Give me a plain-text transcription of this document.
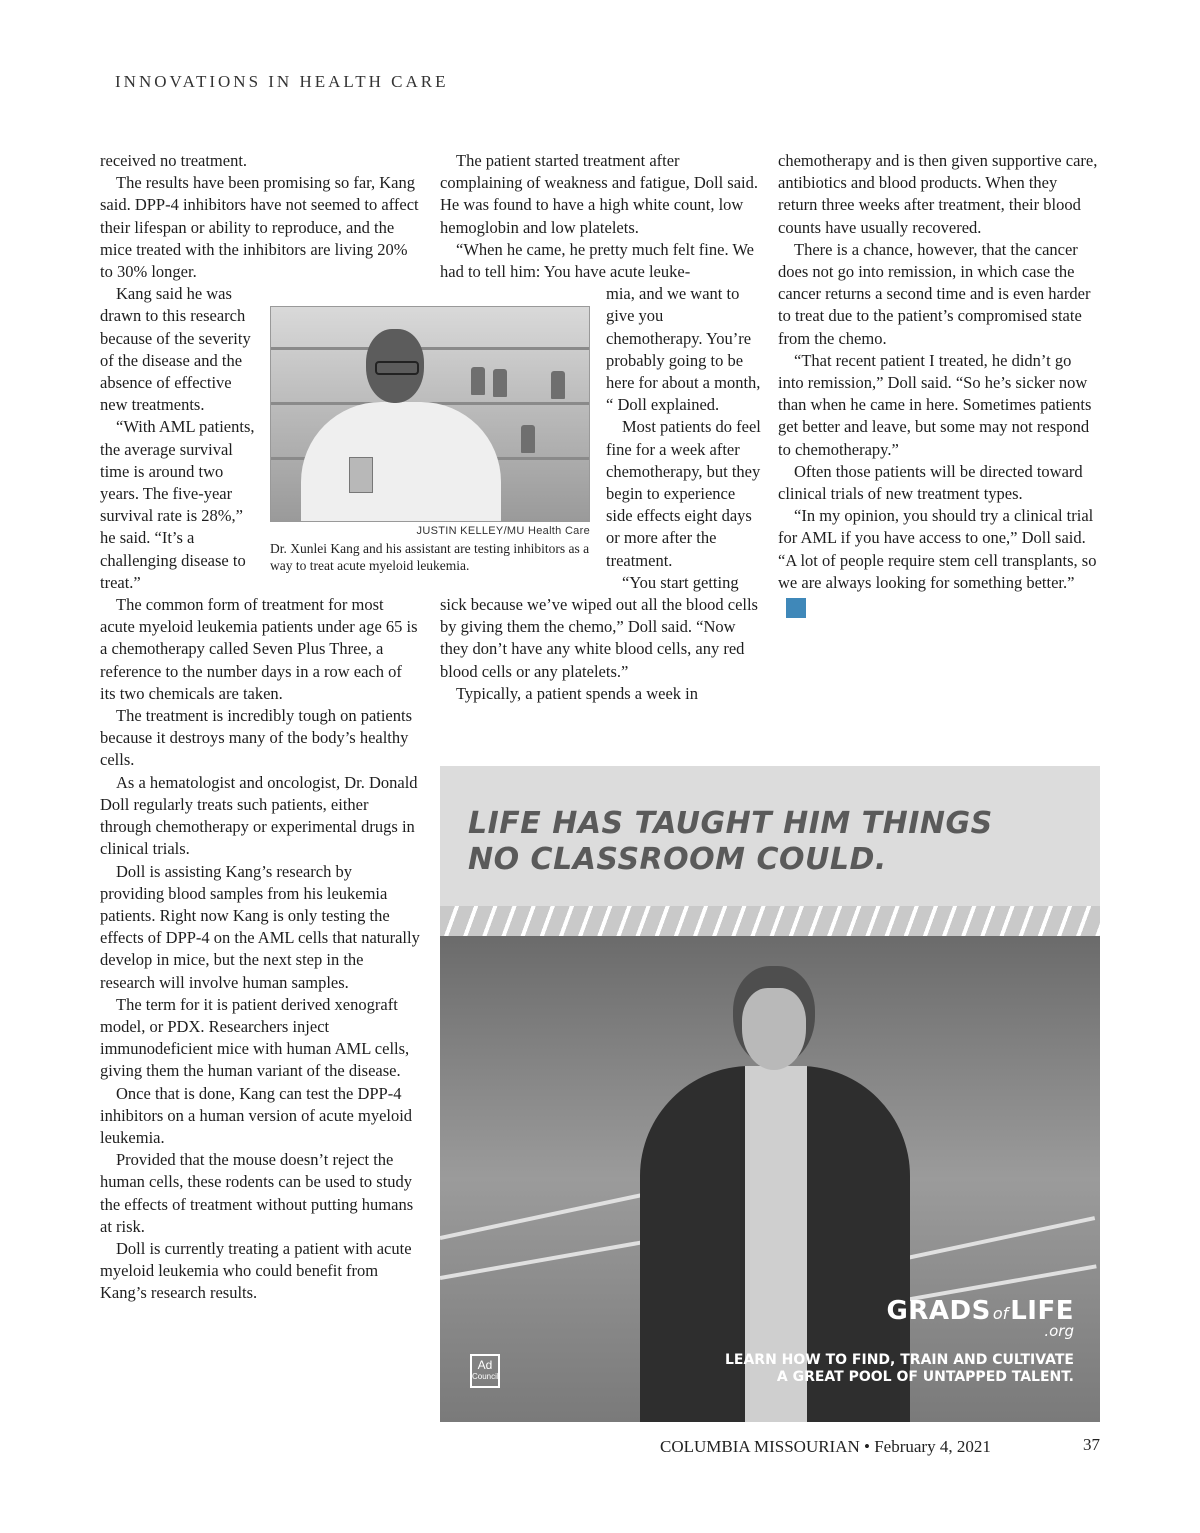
INNOVATIONS IN HEALTH CARE

received no treatment.

The results have been promising so far, Kang said. DPP-4 inhibitors have not seemed to affect their lifespan or ability to reproduce, and the mice treated with the inhibitors are living 20% to 30% longer.

Kang said he was drawn to this research because of the severity of the disease and the absence of effective new treatments.

“With AML patients, the average survival time is around two years. The five-year survival rate is 28%,” he said. “It’s a challenging disease to treat.”

The common form of treatment for most acute myeloid leukemia patients under age 65 is a chemotherapy called Seven Plus Three, a reference to the number days in a row each of its two chemicals are taken.

The treatment is incredibly tough on patients because it destroys many of the body’s healthy cells.

As a hematologist and oncologist, Dr. Donald Doll regularly treats such patients, either through chemotherapy or experimental drugs in clinical trials.

Doll is assisting Kang’s research by providing blood samples from his leukemia patients. Right now Kang is only testing the effects of DPP-4 on the AML cells that naturally develop in mice, but the next step in the research will involve human samples.

The term for it is patient derived xenograft model, or PDX. Researchers inject immunodeficient mice with human AML cells, giving them the human variant of the disease.

Once that is done, Kang can test the DPP-4 inhibitors on a human version of acute myeloid leukemia.

Provided that the mouse doesn’t reject the human cells, these rodents can be used to study the effects of treatment without putting humans at risk.

Doll is currently treating a patient with acute myeloid leukemia who could benefit from Kang’s research results.

JUSTIN KELLEY/MU Health Care
Dr. Xunlei Kang and his assistant are testing inhibitors as a way to treat acute myeloid leukemia.

The patient started treatment after complaining of weakness and fatigue, Doll said. He was found to have a high white count, low hemoglobin and low platelets.

“When he came, he pretty much felt fine. We had to tell him: You have acute leuke-

mia, and we want to give you chemotherapy. You’re probably going to be here for about a month, “ Doll explained.

Most patients do feel fine for a week after chemotherapy, but they begin to experience side effects eight days or more after the treatment.

“You start getting

sick because we’ve wiped out all the blood cells by giving them the chemo,” Doll said. “Now they don’t have any white blood cells, any red blood cells or any platelets.”

Typically, a patient spends a week in

chemotherapy and is then given supportive care, antibiotics and blood products. When they return three weeks after treatment, their blood counts have usually recovered.

There is a chance, however, that the cancer does not go into remission, in which case the cancer returns a second time and is even harder to treat due to the patient’s compromised state from the chemo.

“That recent patient I treated, he didn’t go into remission,” Doll said. “So he’s sicker now than when he came in here. Sometimes patients get better and leave, but some may not respond to chemotherapy.”

Often those patients will be directed toward clinical trials of new treatment types.

“In my opinion, you should try a clinical trial for AML if you have access to one,” Doll said. “A lot of people require stem cell transplants, so we are always looking for something better.”

LIFE HAS TAUGHT HIM THINGS
NO CLASSROOM COULD.
GRADS ofLIFE
.org
LEARN HOW TO FIND, TRAIN AND CULTIVATE
A GREAT POOL OF UNTAPPED TALENT.
Ad
Council
COLUMBIA MISSOURIAN • February 4, 2021	37
